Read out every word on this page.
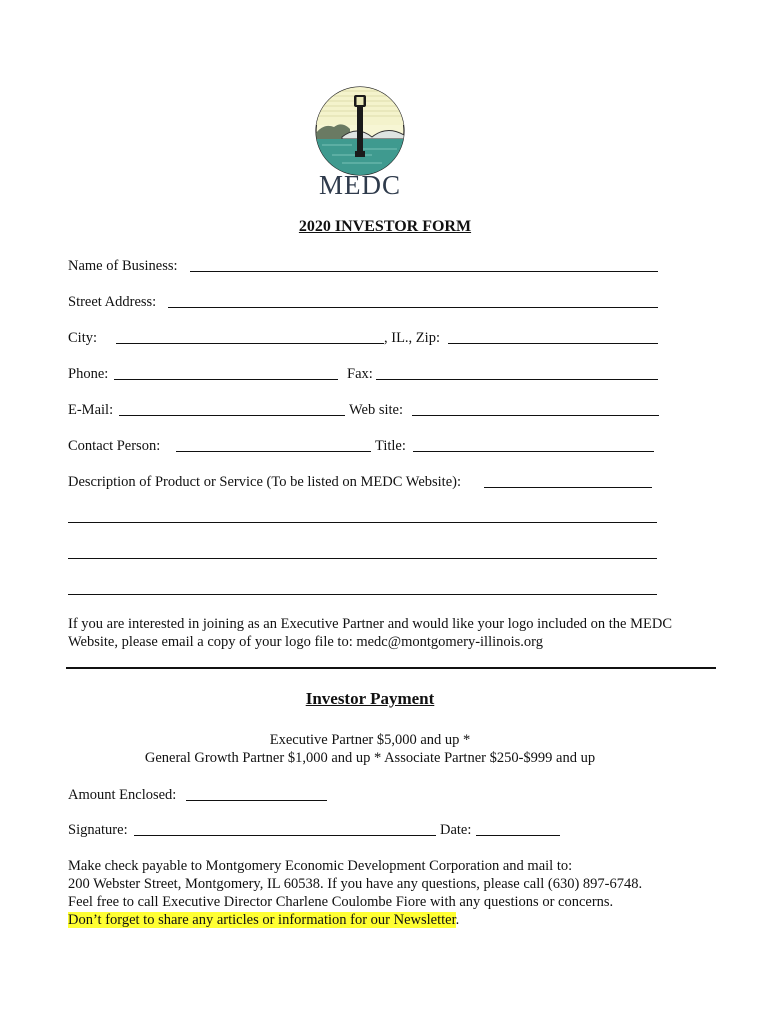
MEDC
2020 INVESTOR FORM
Name of Business:
Street Address:
City:	, IL., Zip:
Phone:	Fax:
E-Mail:	Web site:
Contact Person:	Title:
Description of Product or Service (To be listed on MEDC Website):
If you are interested in joining as an Executive Partner and would like your logo included on the MEDC
Website, please email a copy of your logo file to: medc@montgomery-illinois.org
Investor Payment
Executive Partner $5,000 and up *
General Growth Partner $1,000 and up * Associate Partner $250-$999 and up
Amount Enclosed:
Signature:	Date:
Make check payable to Montgomery Economic Development Corporation and mail to:
200 Webster Street, Montgomery, IL 60538. If you have any questions, please call (630) 897-6748.
Feel free to call Executive Director Charlene Coulombe Fiore with any questions or concerns.
Don’t forget to share any articles or information for our Newsletter.
